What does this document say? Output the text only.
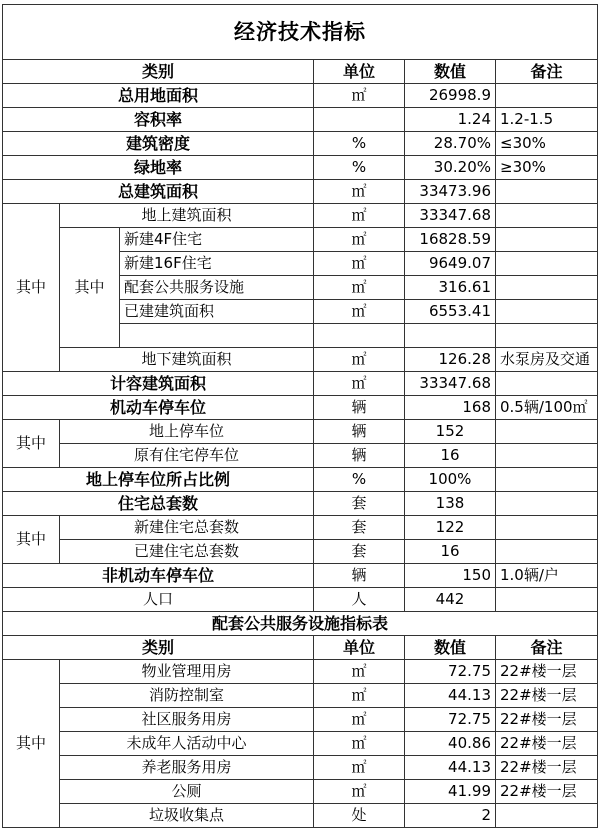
经济技术指标					
类别			单位	数值	备注
总用地面积			㎡	26998.9	
容积率				1.24	1.2-1.5
建筑密度			%	28.70%	≤30%
绿地率			%	30.20%	≥30%
总建筑面积			㎡	33473.96	
其中	地上建筑面积		㎡	33347.68	
	其中	新建4F住宅	㎡	16828.59	
		新建16F住宅	㎡	9649.07	
		配套公共服务设施	㎡	316.61	
		已建建筑面积	㎡	6553.41	

	地下建筑面积		㎡	126.28	水泵房及交通
计容建筑面积			㎡	33347.68	
机动车停车位			辆	168	0.5辆/100㎡
其中	地上停车位		辆	152	
	原有住宅停车位		辆	16	
地上停车位所占比例			%	100%	
住宅总套数			套	138	
其中	新建住宅总套数		套	122	
	已建住宅总套数		套	16	
非机动车停车位			辆	150	1.0辆/户
人口			人	442	
配套公共服务设施指标表					
类别			单位	数值	备注
其中	物业管理用房		㎡	72.75	22#楼一层
	消防控制室		㎡	44.13	22#楼一层
	社区服务用房		㎡	72.75	22#楼一层
	未成年人活动中心		㎡	40.86	22#楼一层
	养老服务用房		㎡	44.13	22#楼一层
	公厕		㎡	41.99	22#楼一层
	垃圾收集点		处	2	
